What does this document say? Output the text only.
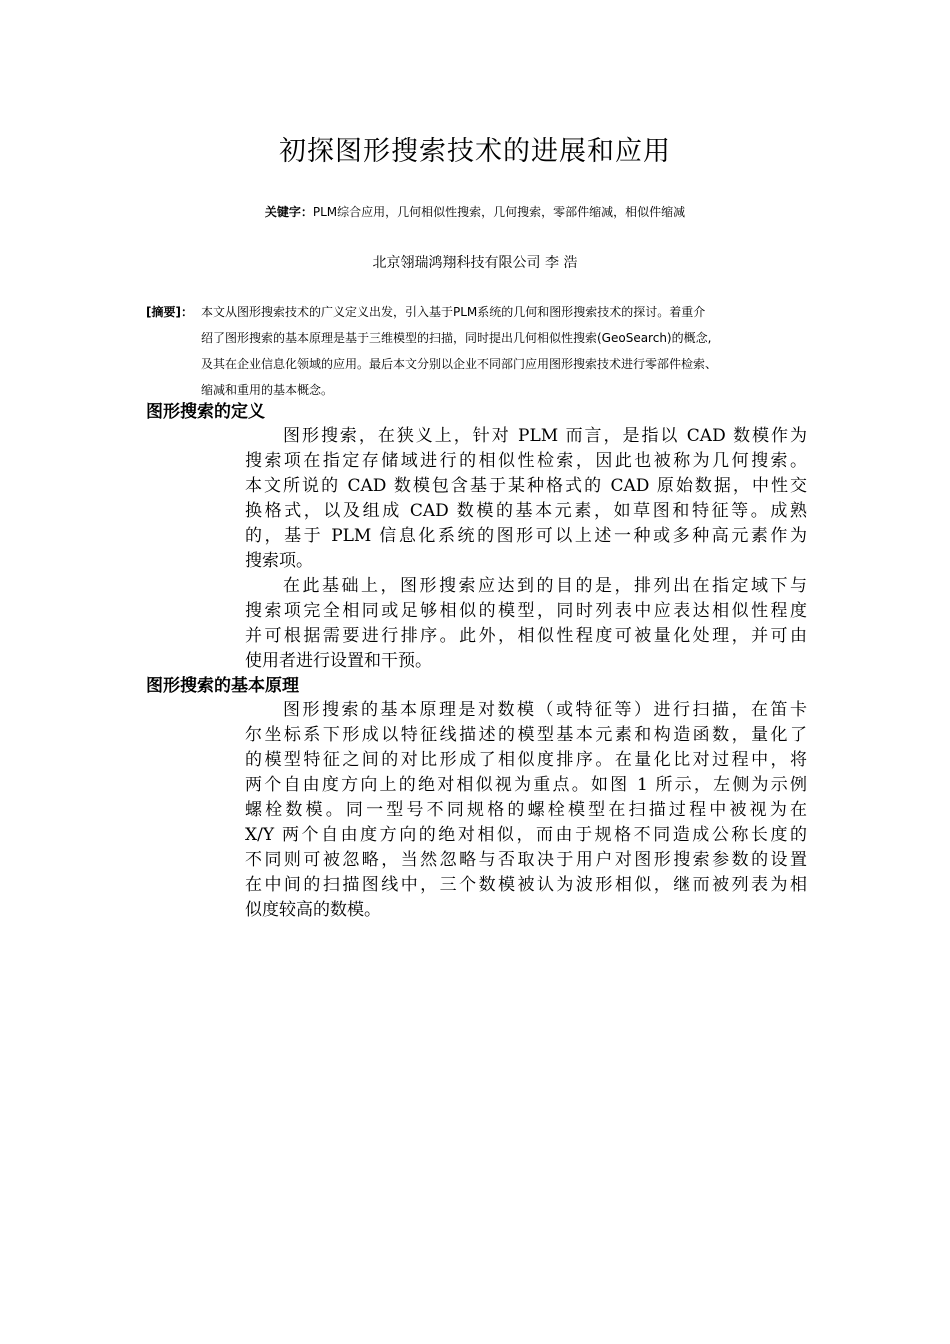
初探图形搜索技术的进展和应用
关键字：PLM综合应用，几何相似性搜索，几何搜索，零部件缩减，相似件缩减
北京翎瑞鸿翔科技有限公司 李 浩
[摘要]： 本文从图形搜索技术的广义定义出发，引入基于PLM系统的几何和图形搜索技术的探讨。着重介
绍了图形搜索的基本原理是基于三维模型的扫描，同时提出几何相似性搜索(GeoSearch)的概念,
及其在企业信息化领域的应用。最后本文分别以企业不同部门应用图形搜索技术进行零部件检索、
缩减和重用的基本概念。
图形搜索的定义
图形搜索，在狭义上，针对 PLM 而言，是指以 CAD 数模作为
搜索项在指定存储域进行的相似性检索，因此也被称为几何搜索。
本文所说的 CAD 数模包含基于某种格式的 CAD 原始数据，中性交
换格式，以及组成 CAD 数模的基本元素，如草图和特征等。成熟
的，基于 PLM 信息化系统的图形可以上述一种或多种高元素作为
搜索项。
在此基础上，图形搜索应达到的目的是，排列出在指定域下与
搜索项完全相同或足够相似的模型，同时列表中应表达相似性程度
并可根据需要进行排序。此外，相似性程度可被量化处理，并可由
使用者进行设置和干预。
图形搜索的基本原理
图形搜索的基本原理是对数模（或特征等）进行扫描，在笛卡
尔坐标系下形成以特征线描述的模型基本元素和构造函数，量化了
的模型特征之间的对比形成了相似度排序。在量化比对过程中，将
两个自由度方向上的绝对相似视为重点。如图 1 所示，左侧为示例
螺栓数模。同一型号不同规格的螺栓模型在扫描过程中被视为在
X/Y 两个自由度方向的绝对相似，而由于规格不同造成公称长度的
不同则可被忽略，当然忽略与否取决于用户对图形搜索参数的设置
在中间的扫描图线中，三个数模被认为波形相似，继而被列表为相
似度较高的数模。
